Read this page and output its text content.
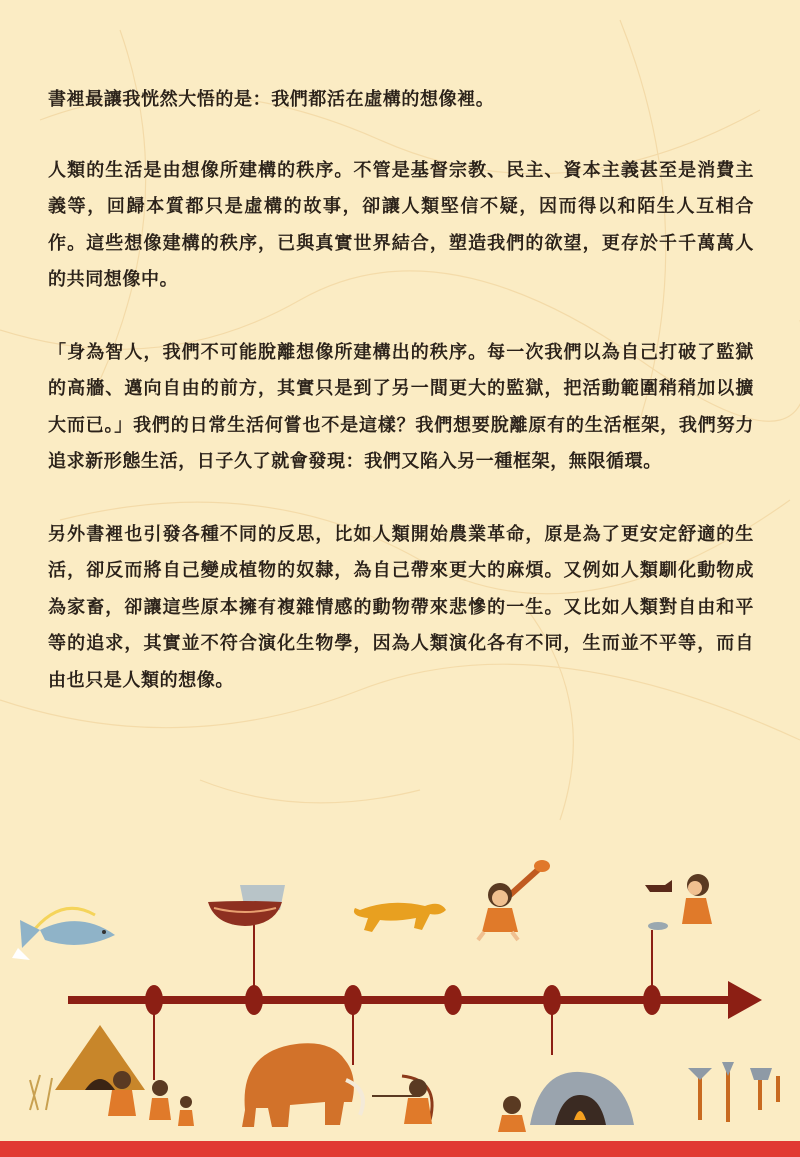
書裡最讓我恍然大悟的是：我們都活在虛構的想像裡。

人類的生活是由想像所建構的秩序。不管是基督宗教、民主、資本主義甚至是消費主義等，回歸本質都只是虛構的故事，卻讓人類堅信不疑，因而得以和陌生人互相合作。這些想像建構的秩序，已與真實世界結合，塑造我們的欲望，更存於千千萬萬人的共同想像中。

「身為智人，我們不可能脫離想像所建構出的秩序。每一次我們以為自己打破了監獄的高牆、邁向自由的前方，其實只是到了另一間更大的監獄，把活動範圍稍稍加以擴大而已。」我們的日常生活何嘗也不是這樣？我們想要脫離原有的生活框架，我們努力追求新形態生活，日子久了就會發現：我們又陷入另一種框架，無限循環。

另外書裡也引發各種不同的反思，比如人類開始農業革命，原是為了更安定舒適的生活，卻反而將自己變成植物的奴隸，為自己帶來更大的麻煩。又例如人類馴化動物成為家畜，卻讓這些原本擁有複雜情感的動物帶來悲慘的一生。又比如人類對自由和平等的追求，其實並不符合演化生物學，因為人類演化各有不同，生而並不平等，而自由也只是人類的想像。
